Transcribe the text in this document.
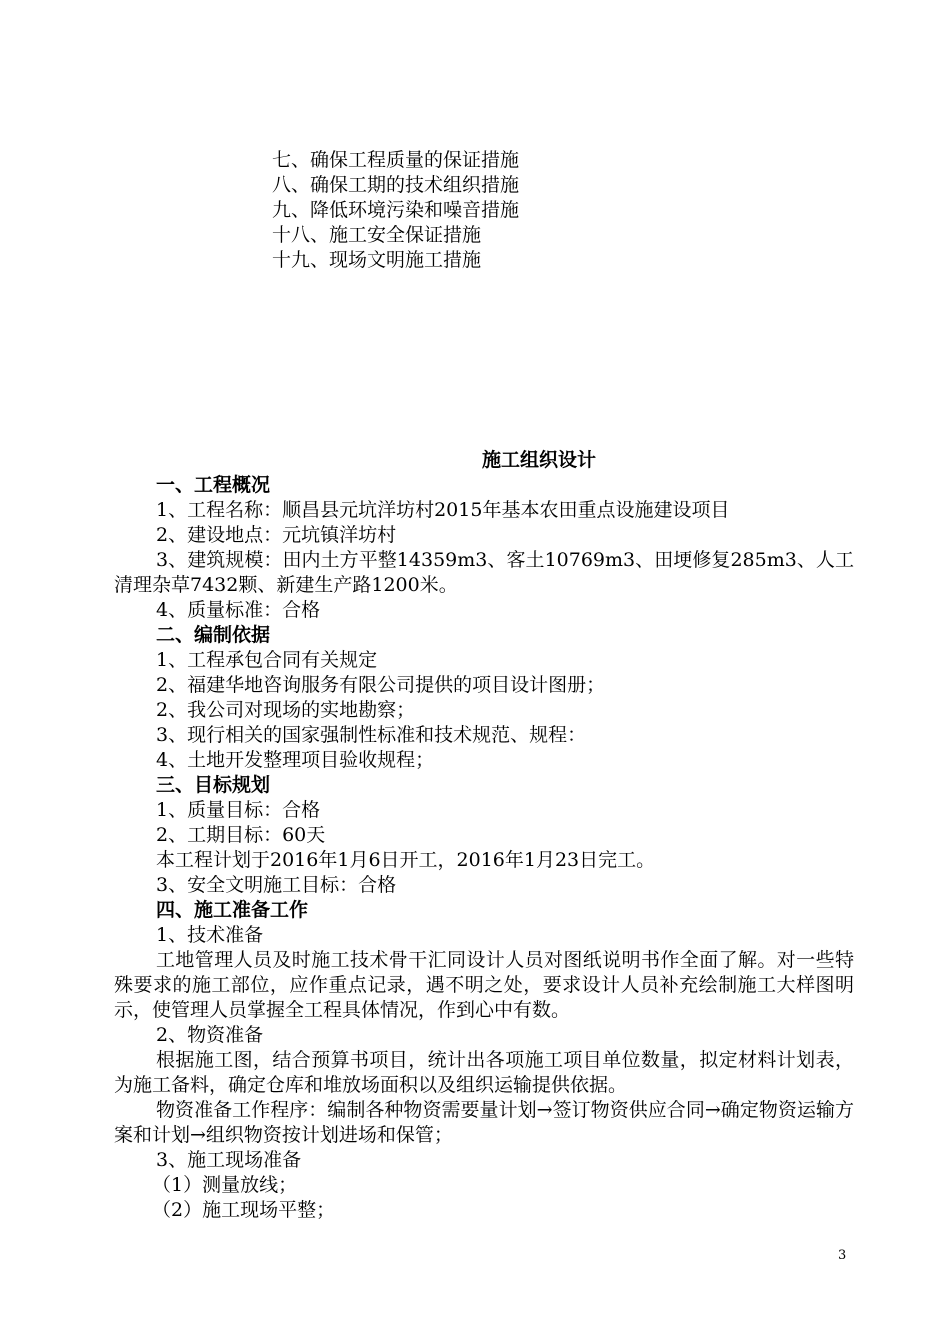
七、确保工程质量的保证措施
八、确保工期的技术组织措施
九、降低环境污染和噪音措施
十八、施工安全保证措施
十九、现场文明施工措施
施工组织设计
一、工程概况
1、工程名称：顺昌县元坑洋坊村2015年基本农田重点设施建设项目
2、建设地点：元坑镇洋坊村
3、建筑规模：田内土方平整14359m3、客土10769m3、田埂修复285m3、人工清理杂草7432颗、新建生产路1200米。
4、质量标准：合格
二、编制依据
1、工程承包合同有关规定
2、福建华地咨询服务有限公司提供的项目设计图册；
2、我公司对现场的实地勘察；
3、现行相关的国家强制性标准和技术规范、规程：
4、土地开发整理项目验收规程；
三、目标规划
1、质量目标：合格
2、工期目标：60天
本工程计划于2016年1月6日开工，2016年1月23日完工。
3、安全文明施工目标：合格
四、施工准备工作
1、技术准备
工地管理人员及时施工技术骨干汇同设计人员对图纸说明书作全面了解。对一些特殊要求的施工部位，应作重点记录，遇不明之处，要求设计人员补充绘制施工大样图明示，使管理人员掌握全工程具体情况，作到心中有数。
2、物资准备
根据施工图，结合预算书项目，统计出各项施工项目单位数量，拟定材料计划表，为施工备料，确定仓库和堆放场面积以及组织运输提供依据。
物资准备工作程序：编制各种物资需要量计划→签订物资供应合同→确定物资运输方案和计划→组织物资按计划进场和保管；
3、施工现场准备
（1）测量放线；
（2）施工现场平整；
3
